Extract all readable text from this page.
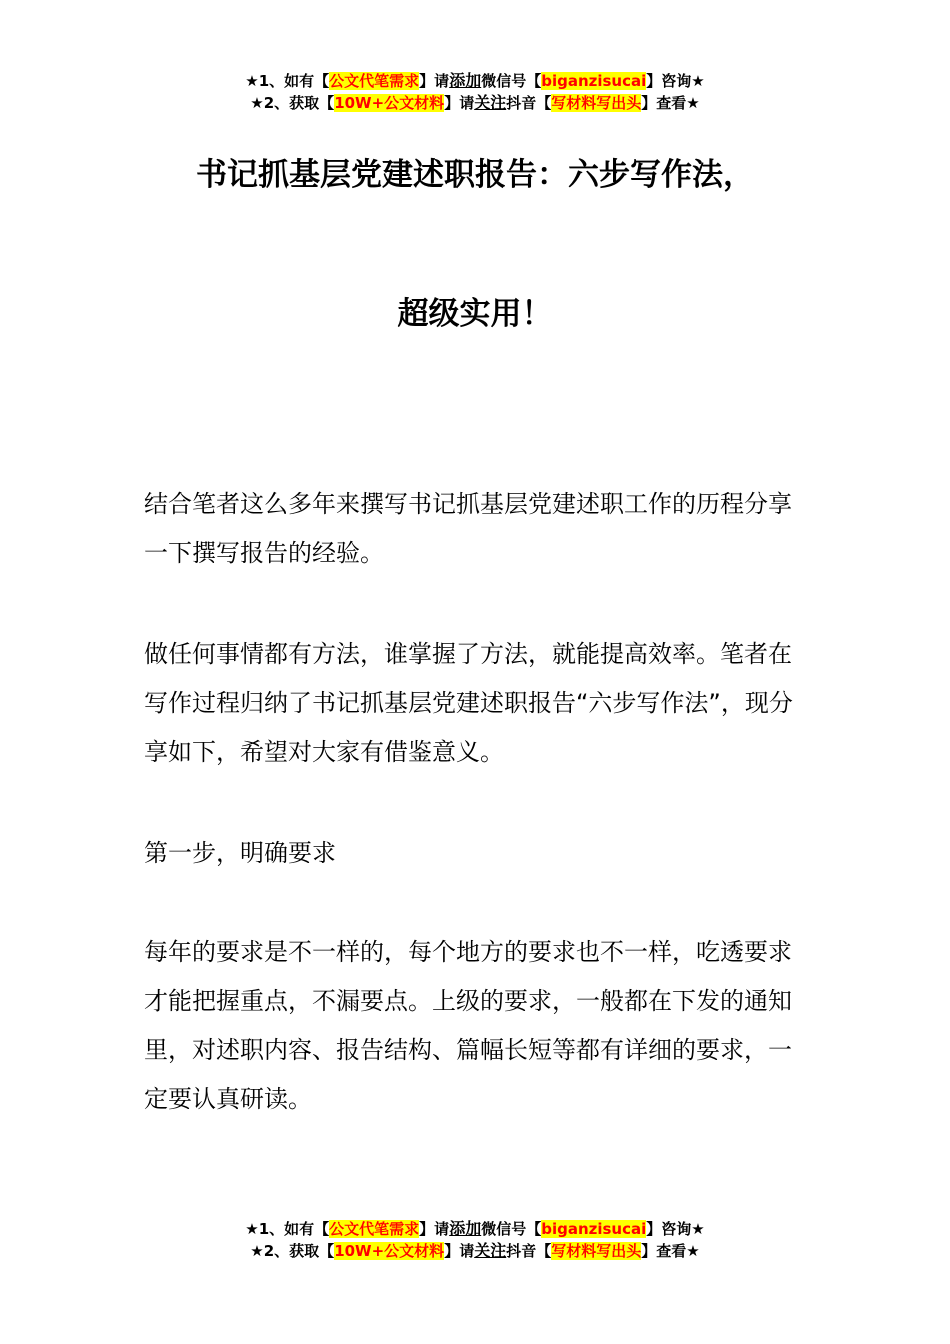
★1、如有【公文代笔需求】请添加微信号【biganzisucai】咨询★
★2、获取【10W+公文材料】请关注抖音【写材料写出头】查看★
书记抓基层党建述职报告：六步写作法，
超级实用！
结合笔者这么多年来撰写书记抓基层党建述职工作的历程分享一下撰写报告的经验。
做任何事情都有方法，谁掌握了方法，就能提高效率。笔者在写作过程归纳了书记抓基层党建述职报告“六步写作法”，现分享如下，希望对大家有借鉴意义。
第一步，明确要求
每年的要求是不一样的，每个地方的要求也不一样，吃透要求才能把握重点，不漏要点。上级的要求，一般都在下发的通知里，对述职内容、报告结构、篇幅长短等都有详细的要求，一定要认真研读。
★1、如有【公文代笔需求】请添加微信号【biganzisucai】咨询★
★2、获取【10W+公文材料】请关注抖音【写材料写出头】查看★
